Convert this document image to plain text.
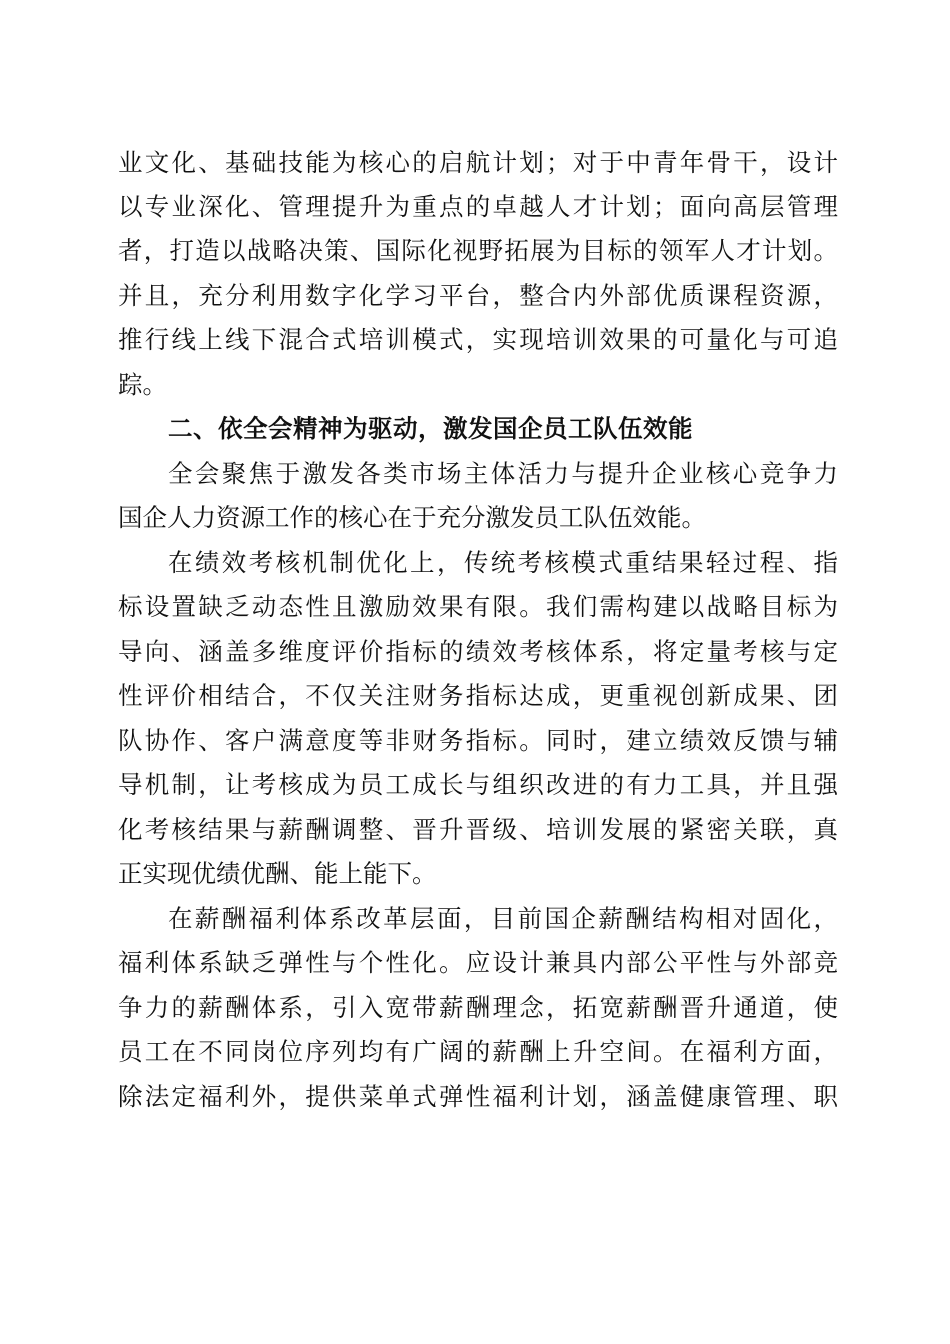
业文化、基础技能为核心的启航计划；对于中青年骨干，设计
以专业深化、管理提升为重点的卓越人才计划；面向高层管理
者，打造以战略决策、国际化视野拓展为目标的领军人才计划。
并且，充分利用数字化学习平台，整合内外部优质课程资源，
推行线上线下混合式培训模式，实现培训效果的可量化与可追
踪。
二、依全会精神为驱动，激发国企员工队伍效能
全会聚焦于激发各类市场主体活力与提升企业核心竞争力
国企人力资源工作的核心在于充分激发员工队伍效能。
在绩效考核机制优化上，传统考核模式重结果轻过程、指
标设置缺乏动态性且激励效果有限。我们需构建以战略目标为
导向、涵盖多维度评价指标的绩效考核体系，将定量考核与定
性评价相结合，不仅关注财务指标达成，更重视创新成果、团
队协作、客户满意度等非财务指标。同时，建立绩效反馈与辅
导机制，让考核成为员工成长与组织改进的有力工具，并且强
化考核结果与薪酬调整、晋升晋级、培训发展的紧密关联，真
正实现优绩优酬、能上能下。
在薪酬福利体系改革层面，目前国企薪酬结构相对固化，
福利体系缺乏弹性与个性化。应设计兼具内部公平性与外部竞
争力的薪酬体系，引入宽带薪酬理念，拓宽薪酬晋升通道，使
员工在不同岗位序列均有广阔的薪酬上升空间。在福利方面，
除法定福利外，提供菜单式弹性福利计划，涵盖健康管理、职
